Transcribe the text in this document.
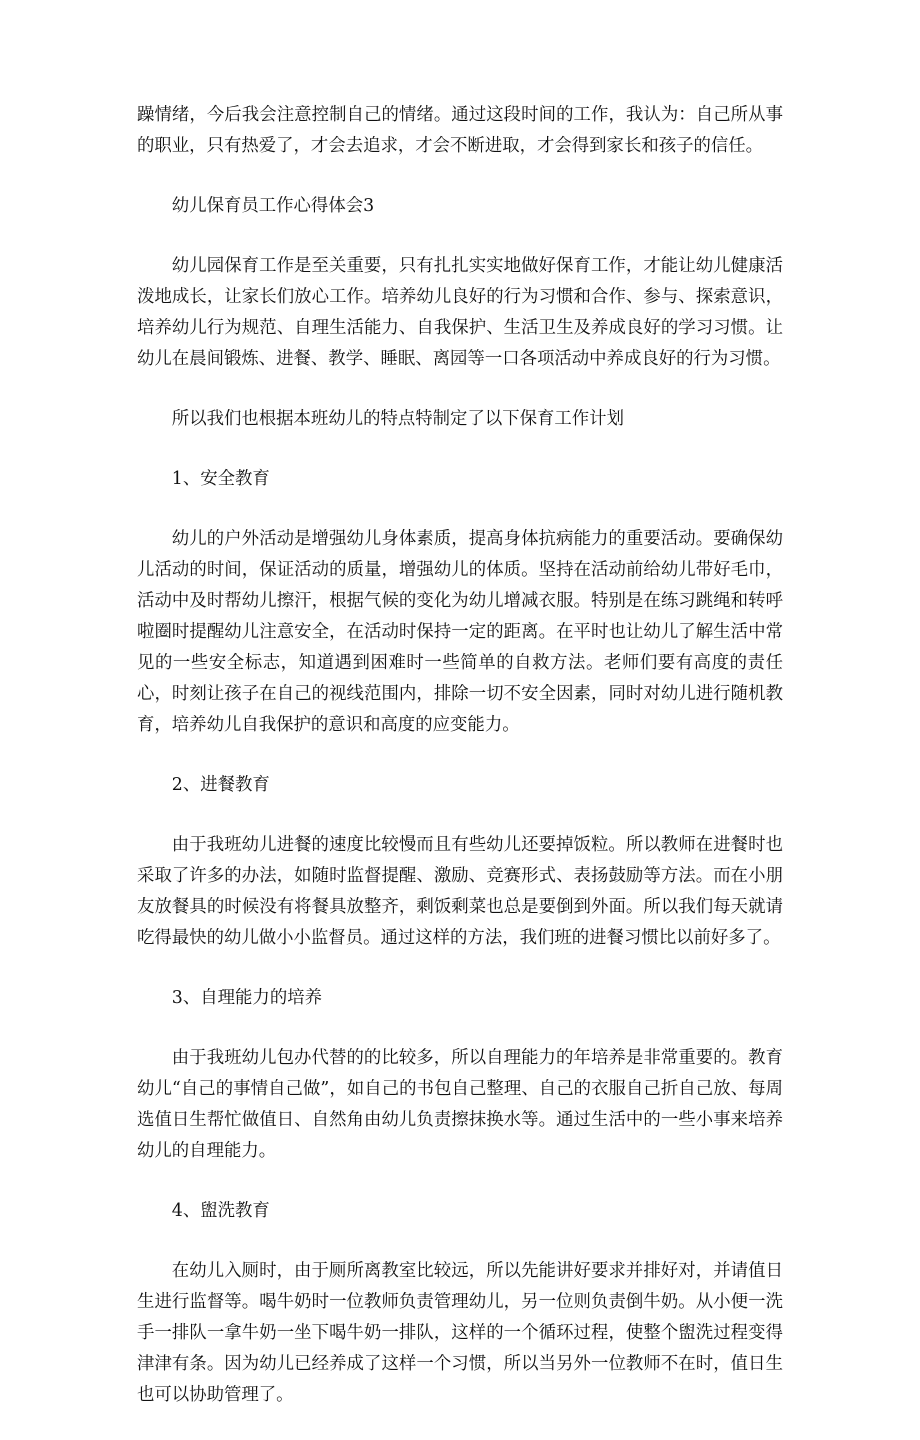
躁情绪，今后我会注意控制自己的情绪。通过这段时间的工作，我认为：自己所从事的职业，只有热爱了，才会去追求，才会不断进取，才会得到家长和孩子的信任。

幼儿保育员工作心得体会3

幼儿园保育工作是至关重要，只有扎扎实实地做好保育工作，才能让幼儿健康活泼地成长，让家长们放心工作。培养幼儿良好的行为习惯和合作、参与、探索意识，培养幼儿行为规范、自理生活能力、自我保护、生活卫生及养成良好的学习习惯。让幼儿在晨间锻炼、进餐、教学、睡眠、离园等一口各项活动中养成良好的行为习惯。

所以我们也根据本班幼儿的特点特制定了以下保育工作计划

1、安全教育

幼儿的户外活动是增强幼儿身体素质，提高身体抗病能力的重要活动。要确保幼儿活动的时间，保证活动的质量，增强幼儿的体质。坚持在活动前给幼儿带好毛巾，活动中及时帮幼儿擦汗，根据气候的变化为幼儿增减衣服。特别是在练习跳绳和转呼啦圈时提醒幼儿注意安全，在活动时保持一定的距离。在平时也让幼儿了解生活中常见的一些安全标志，知道遇到困难时一些简单的自救方法。老师们要有高度的责任心，时刻让孩子在自己的视线范围内，排除一切不安全因素，同时对幼儿进行随机教育，培养幼儿自我保护的意识和高度的应变能力。

2、进餐教育

由于我班幼儿进餐的速度比较慢而且有些幼儿还要掉饭粒。所以教师在进餐时也采取了许多的办法，如随时监督提醒、激励、竞赛形式、表扬鼓励等方法。而在小朋友放餐具的时候没有将餐具放整齐，剩饭剩菜也总是要倒到外面。所以我们每天就请吃得最快的幼儿做小小监督员。通过这样的方法，我们班的进餐习惯比以前好多了。

3、自理能力的培养

由于我班幼儿包办代替的的比较多，所以自理能力的年培养是非常重要的。教育幼儿“自己的事情自己做”，如自己的书包自己整理、自己的衣服自己折自己放、每周选值日生帮忙做值日、自然角由幼儿负责擦抹换水等。通过生活中的一些小事来培养幼儿的自理能力。

4、盥洗教育

在幼儿入厕时，由于厕所离教室比较远，所以先能讲好要求并排好对，并请值日生进行监督等。喝牛奶时一位教师负责管理幼儿，另一位则负责倒牛奶。从小便一洗手一排队一拿牛奶一坐下喝牛奶一排队，这样的一个循环过程，使整个盥洗过程变得津津有条。因为幼儿已经养成了这样一个习惯，所以当另外一位教师不在时，值日生也可以协助管理了。
